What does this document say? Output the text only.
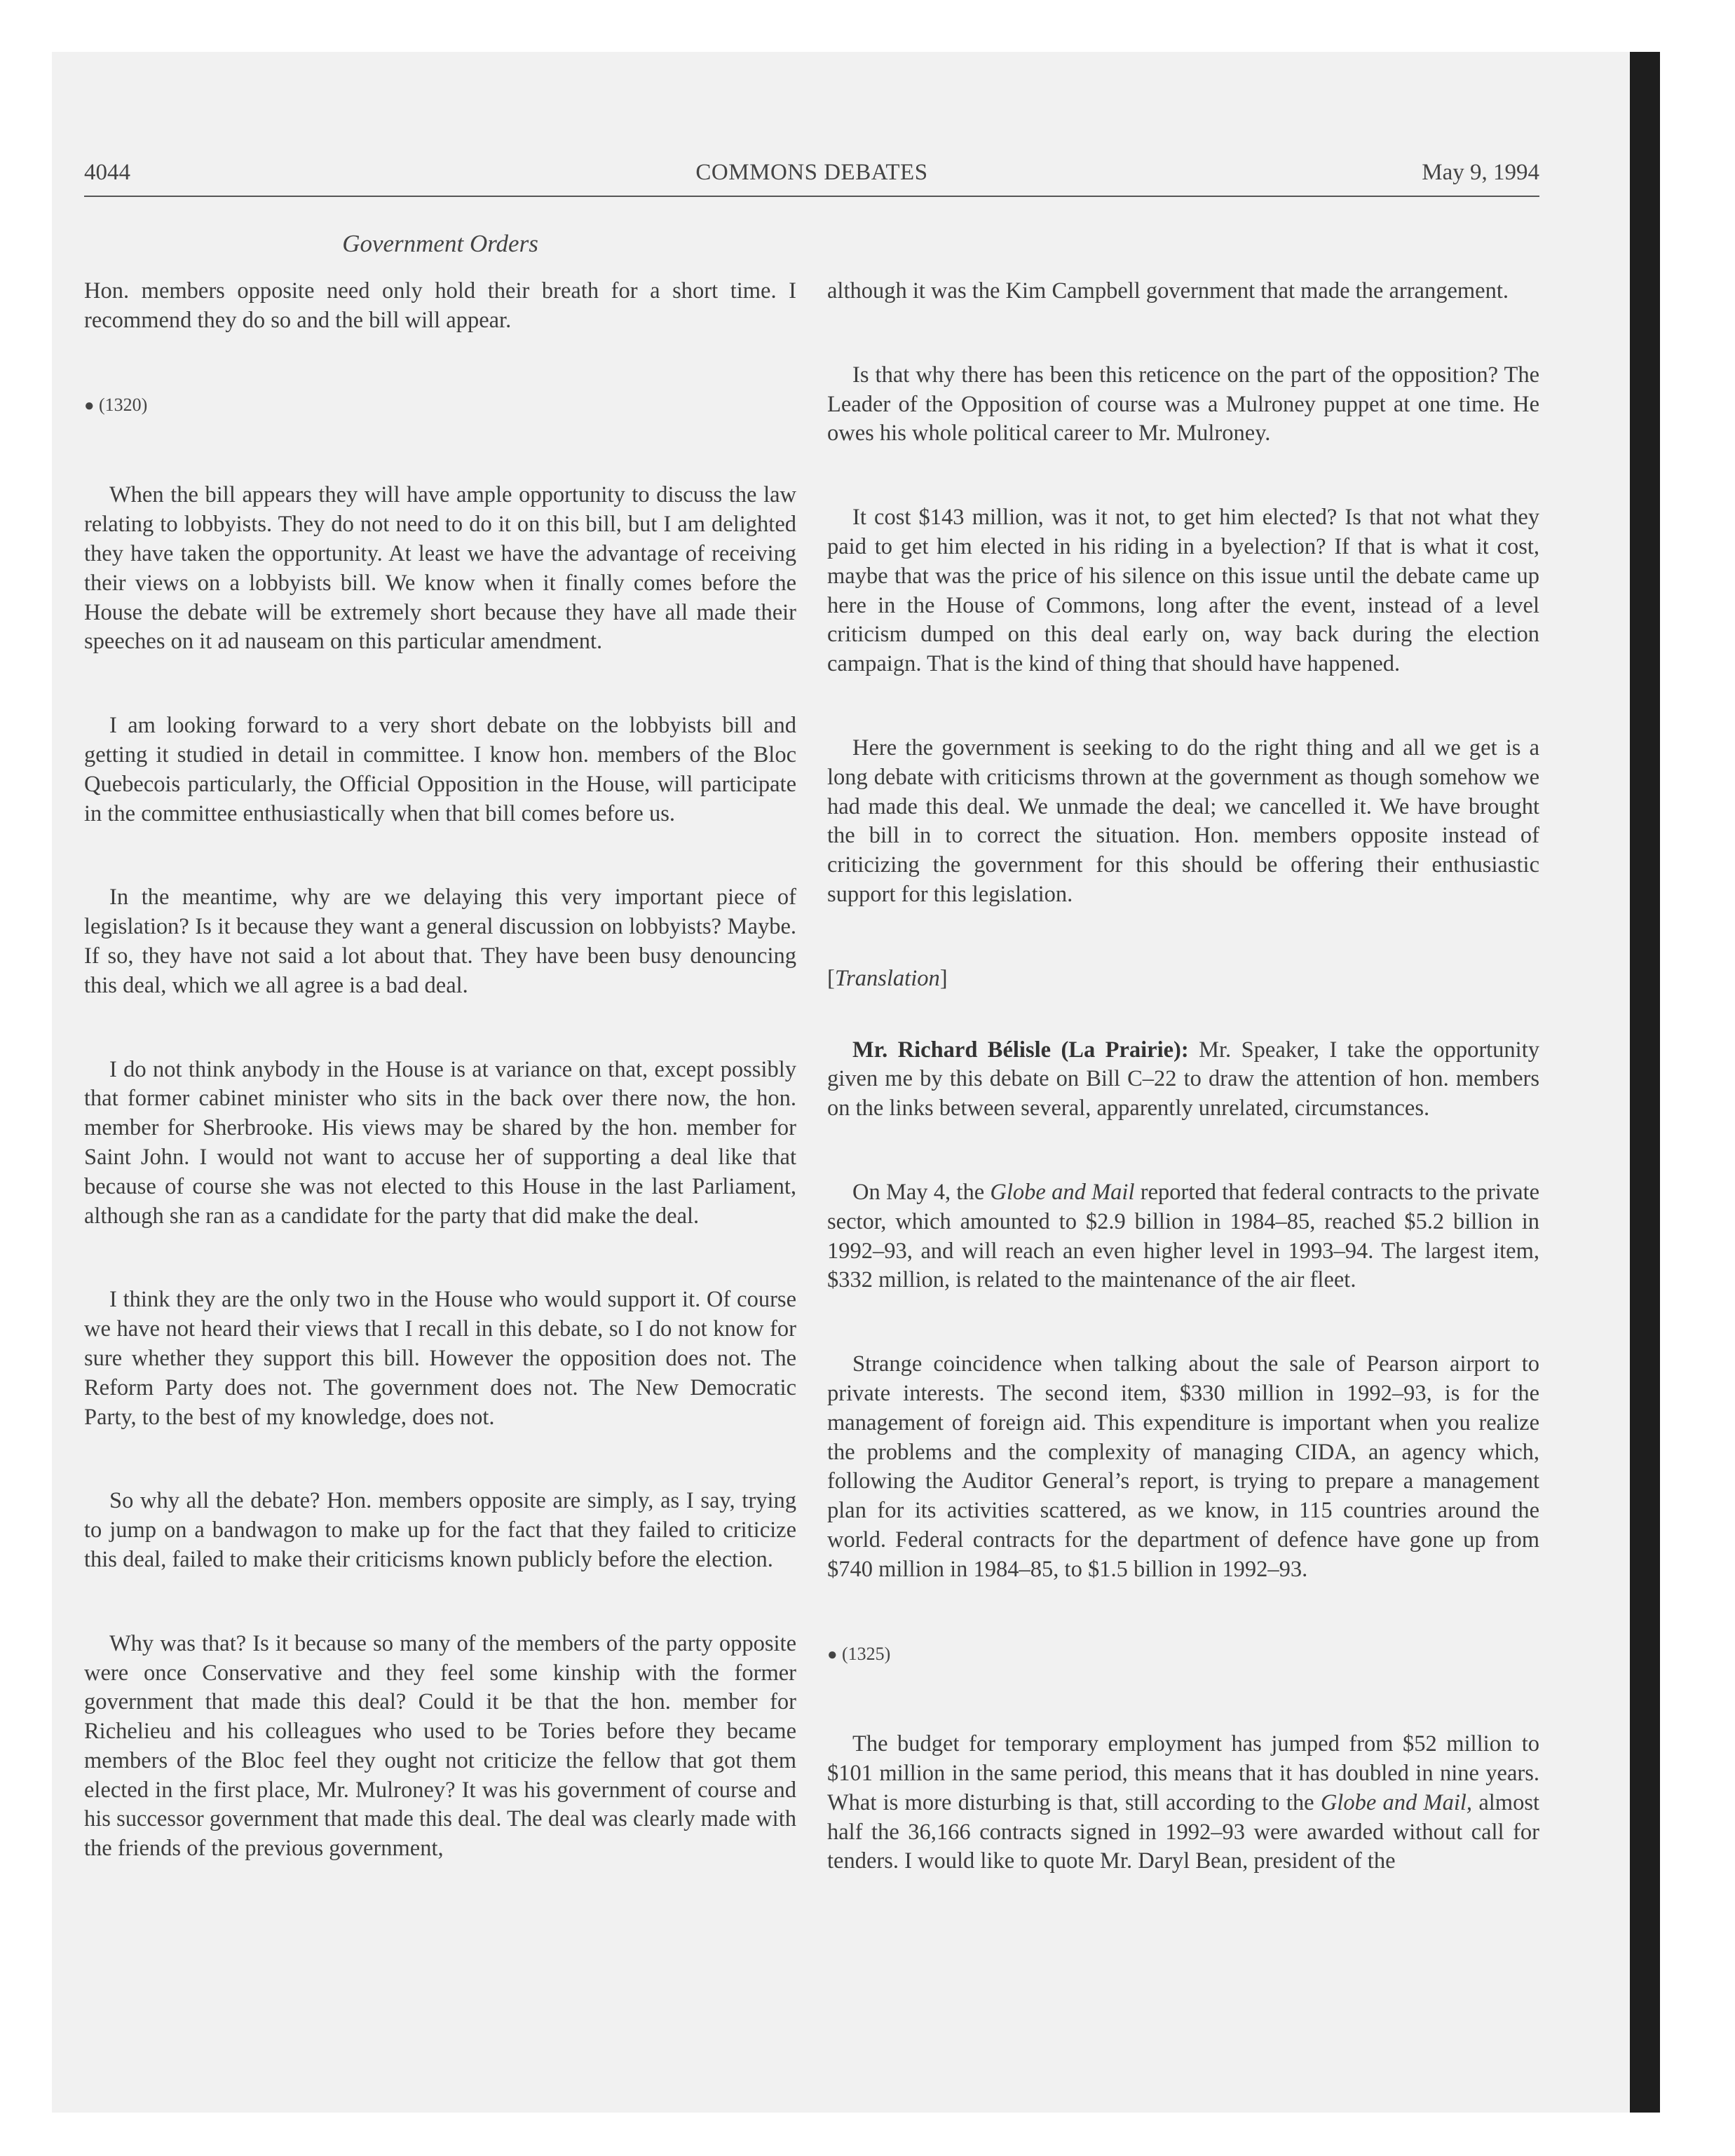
4044	COMMONS DEBATES	May 9, 1994
Government Orders

Hon. members opposite need only hold their breath for a short time. I recommend they do so and the bill will appear.

● (1320)

When the bill appears they will have ample opportunity to discuss the law relating to lobbyists. They do not need to do it on this bill, but I am delighted they have taken the opportunity. At least we have the advantage of receiving their views on a lobbyists bill. We know when it finally comes before the House the debate will be extremely short because they have all made their speeches on it ad nauseam on this particular amendment.

I am looking forward to a very short debate on the lobbyists bill and getting it studied in detail in committee. I know hon. members of the Bloc Quebecois particularly, the Official Opposition in the House, will participate in the committee enthusiastically when that bill comes before us.

In the meantime, why are we delaying this very important piece of legislation? Is it because they want a general discussion on lobbyists? Maybe. If so, they have not said a lot about that. They have been busy denouncing this deal, which we all agree is a bad deal.

I do not think anybody in the House is at variance on that, except possibly that former cabinet minister who sits in the back over there now, the hon. member for Sherbrooke. His views may be shared by the hon. member for Saint John. I would not want to accuse her of supporting a deal like that because of course she was not elected to this House in the last Parliament, although she ran as a candidate for the party that did make the deal.

I think they are the only two in the House who would support it. Of course we have not heard their views that I recall in this debate, so I do not know for sure whether they support this bill. However the opposition does not. The Reform Party does not. The government does not. The New Democratic Party, to the best of my knowledge, does not.

So why all the debate? Hon. members opposite are simply, as I say, trying to jump on a bandwagon to make up for the fact that they failed to criticize this deal, failed to make their criticisms known publicly before the election.

Why was that? Is it because so many of the members of the party opposite were once Conservative and they feel some kinship with the former government that made this deal? Could it be that the hon. member for Richelieu and his colleagues who used to be Tories before they became members of the Bloc feel they ought not criticize the fellow that got them elected in the first place, Mr. Mulroney? It was his government of course and his successor government that made this deal. The deal was clearly made with the friends of the previous government,

although it was the Kim Campbell government that made the arrangement.

Is that why there has been this reticence on the part of the opposition? The Leader of the Opposition of course was a Mulroney puppet at one time. He owes his whole political career to Mr. Mulroney.

It cost $143 million, was it not, to get him elected? Is that not what they paid to get him elected in his riding in a byelection? If that is what it cost, maybe that was the price of his silence on this issue until the debate came up here in the House of Commons, long after the event, instead of a level criticism dumped on this deal early on, way back during the election campaign. That is the kind of thing that should have happened.

Here the government is seeking to do the right thing and all we get is a long debate with criticisms thrown at the government as though somehow we had made this deal. We unmade the deal; we cancelled it. We have brought the bill in to correct the situation. Hon. members opposite instead of criticizing the government for this should be offering their enthusiastic support for this legislation.

[Translation]

Mr. Richard Bélisle (La Prairie): Mr. Speaker, I take the opportunity given me by this debate on Bill C–22 to draw the attention of hon. members on the links between several, apparently unrelated, circumstances.

On May 4, the Globe and Mail reported that federal contracts to the private sector, which amounted to $2.9 billion in 1984–85, reached $5.2 billion in 1992–93, and will reach an even higher level in 1993–94. The largest item, $332 million, is related to the maintenance of the air fleet.

Strange coincidence when talking about the sale of Pearson airport to private interests. The second item, $330 million in 1992–93, is for the management of foreign aid. This expenditure is important when you realize the problems and the complexity of managing CIDA, an agency which, following the Auditor General’s report, is trying to prepare a management plan for its activities scattered, as we know, in 115 countries around the world. Federal contracts for the department of defence have gone up from $740 million in 1984–85, to $1.5 billion in 1992–93.

● (1325)

The budget for temporary employment has jumped from $52 million to $101 million in the same period, this means that it has doubled in nine years. What is more disturbing is that, still according to the Globe and Mail, almost half the 36,166 contracts signed in 1992–93 were awarded without call for tenders. I would like to quote Mr. Daryl Bean, president of the
